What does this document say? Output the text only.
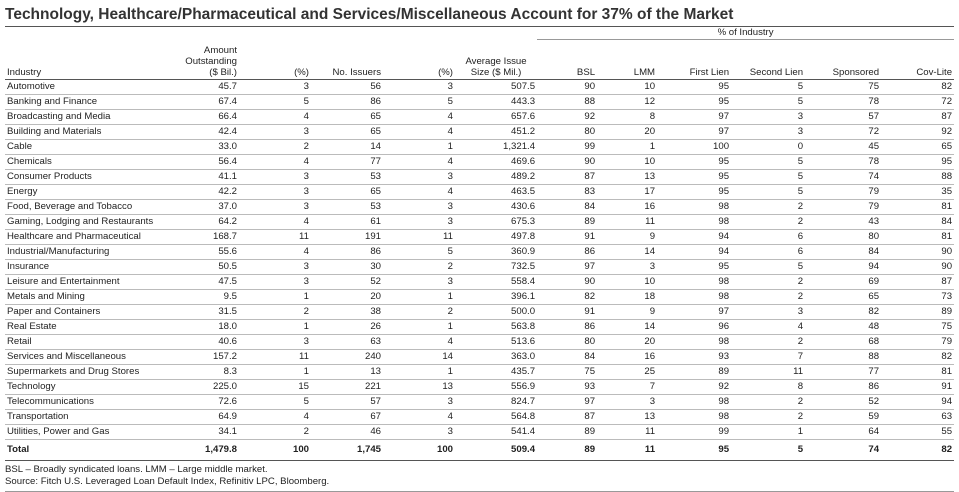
Technology, Healthcare/Pharmaceutical and Services/Miscellaneous Account for 37% of the Market
						% of Industry					
Industry	Amount
Outstanding
($ Bil.)	(%)	No. Issuers	(%)	Average Issue
Size ($ Mil.)	BSL	LMM	First Lien	Second Lien	Sponsored	Cov-Lite
Automotive	45.7	3	56	3	507.5	90	10	95	5	75	82
Banking and Finance	67.4	5	86	5	443.3	88	12	95	5	78	72
Broadcasting and Media	66.4	4	65	4	657.6	92	8	97	3	57	87
Building and Materials	42.4	3	65	4	451.2	80	20	97	3	72	92
Cable	33.0	2	14	1	1,321.4	99	1	100	0	45	65
Chemicals	56.4	4	77	4	469.6	90	10	95	5	78	95
Consumer Products	41.1	3	53	3	489.2	87	13	95	5	74	88
Energy	42.2	3	65	4	463.5	83	17	95	5	79	35
Food, Beverage and Tobacco	37.0	3	53	3	430.6	84	16	98	2	79	81
Gaming, Lodging and Restaurants	64.2	4	61	3	675.3	89	11	98	2	43	84
Healthcare and Pharmaceutical	168.7	11	191	11	497.8	91	9	94	6	80	81
Industrial/Manufacturing	55.6	4	86	5	360.9	86	14	94	6	84	90
Insurance	50.5	3	30	2	732.5	97	3	95	5	94	90
Leisure and Entertainment	47.5	3	52	3	558.4	90	10	98	2	69	87
Metals and Mining	9.5	1	20	1	396.1	82	18	98	2	65	73
Paper and Containers	31.5	2	38	2	500.0	91	9	97	3	82	89
Real Estate	18.0	1	26	1	563.8	86	14	96	4	48	75
Retail	40.6	3	63	4	513.6	80	20	98	2	68	79
Services and Miscellaneous	157.2	11	240	14	363.0	84	16	93	7	88	82
Supermarkets and Drug Stores	8.3	1	13	1	435.7	75	25	89	11	77	81
Technology	225.0	15	221	13	556.9	93	7	92	8	86	91
Telecommunications	72.6	5	57	3	824.7	97	3	98	2	52	94
Transportation	64.9	4	67	4	564.8	87	13	98	2	59	63
Utilities, Power and Gas	34.1	2	46	3	541.4	89	11	99	1	64	55
Total	1,479.8	100	1,745	100	509.4	89	11	95	5	74	82
BSL – Broadly syndicated loans. LMM – Large middle market.
Source: Fitch U.S. Leveraged Loan Default Index, Refinitiv LPC, Bloomberg.
